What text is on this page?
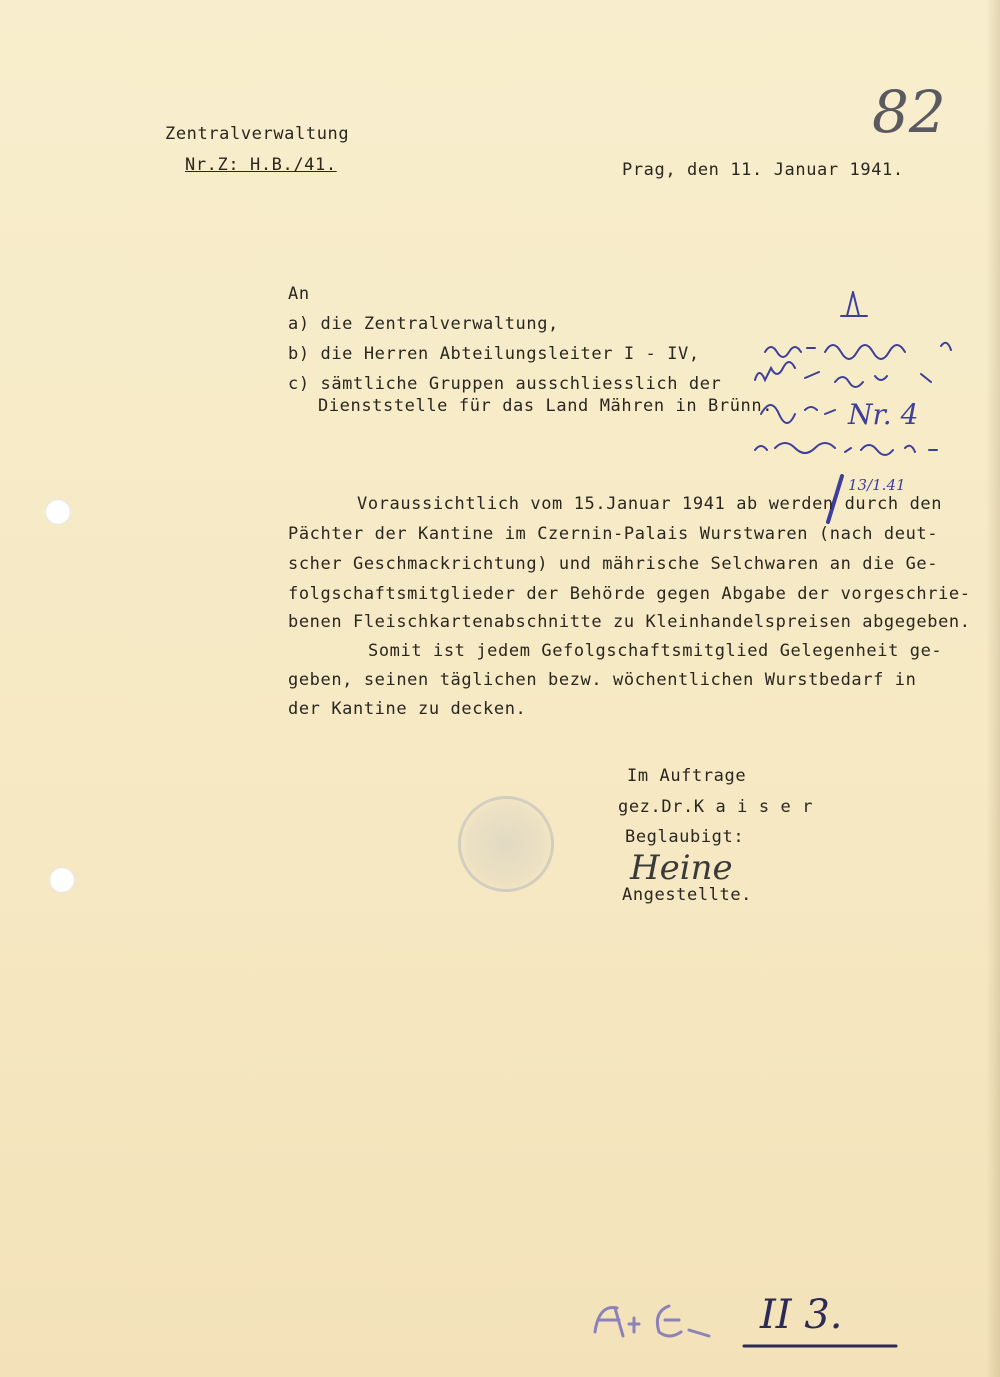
82
Zentralverwaltung
Nr.Z: H.B./41.	Prag, den 11. Januar 1941.
An
a) die Zentralverwaltung,
b) die Herren Abteilungsleiter I - IV,
c) sämtliche Gruppen ausschliesslich der
Dienststelle für das Land Mähren in Brünn.	Nr. 4
13/1.41
Voraussichtlich vom 15.Januar 1941 ab werden durch den
Pächter der Kantine im Czernin-Palais Wurstwaren (nach deut-
scher Geschmackrichtung) und mährische Selchwaren an die Ge-
folgschaftsmitglieder der Behörde gegen Abgabe der vorgeschrie-
benen Fleischkartenabschnitte zu Kleinhandelspreisen abgegeben.
Somit ist jedem Gefolgschaftsmitglied Gelegenheit ge-
geben, seinen täglichen bezw. wöchentlichen Wurstbedarf in
der Kantine zu decken.
Im Auftrage
gez.Dr.K a i s e r
Beglaubigt:
Heine
Angestellte.
II 3.
